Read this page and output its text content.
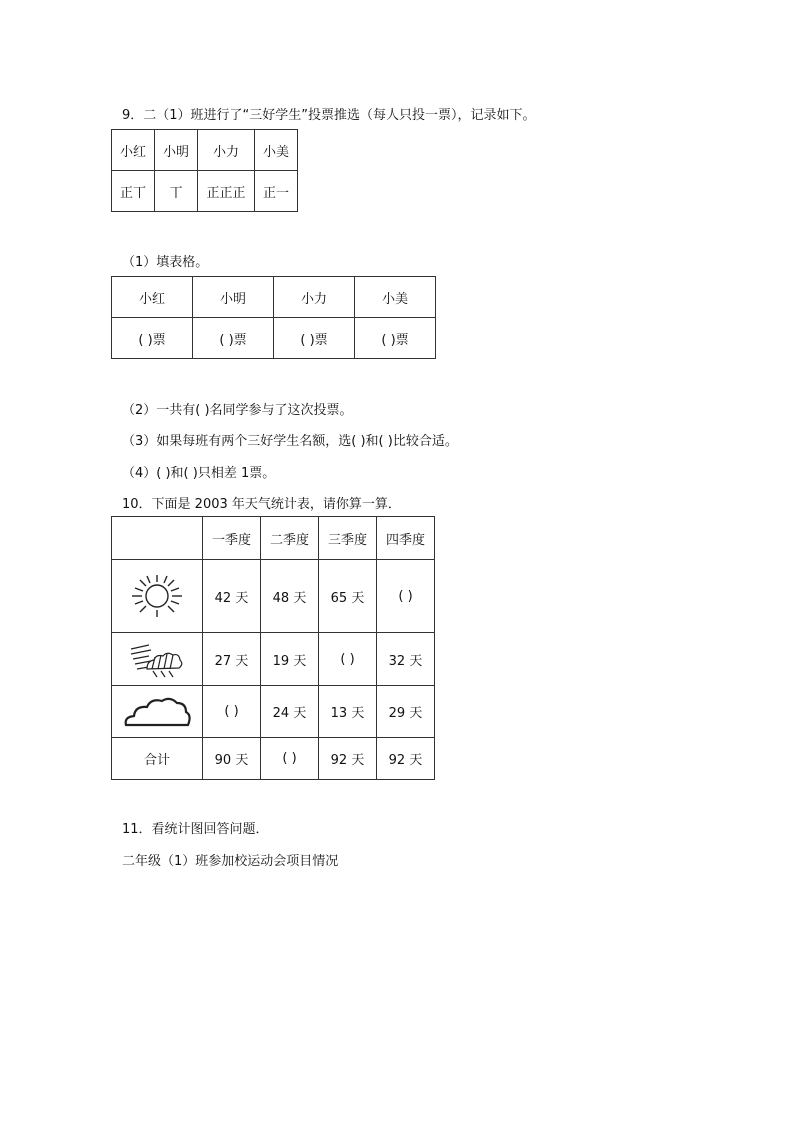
9．二（1）班进行了“三好学生”投票推选（每人只投一票），记录如下。
小红	小明	小力	小美
正丅	丅	正正正	正一
（1）填表格。
小红	小明	小力	小美
( )票	( )票	( )票	( )票
（2）一共有( )名同学参与了这次投票。
（3）如果每班有两个三好学生名额，选( )和( )比较合适。
（4）( )和( )只相差 1票。
10．下面是 2003 年天气统计表，请你算一算．
	一季度	二季度	三季度	四季度

	42 天	48 天	65 天	( )

	27 天	19 天	( )	32 天

	( )	24 天	13 天	29 天
合计	90 天	( )	92 天	92 天
11．看统计图回答问题．
二年级（1）班参加校运动会项目情况
